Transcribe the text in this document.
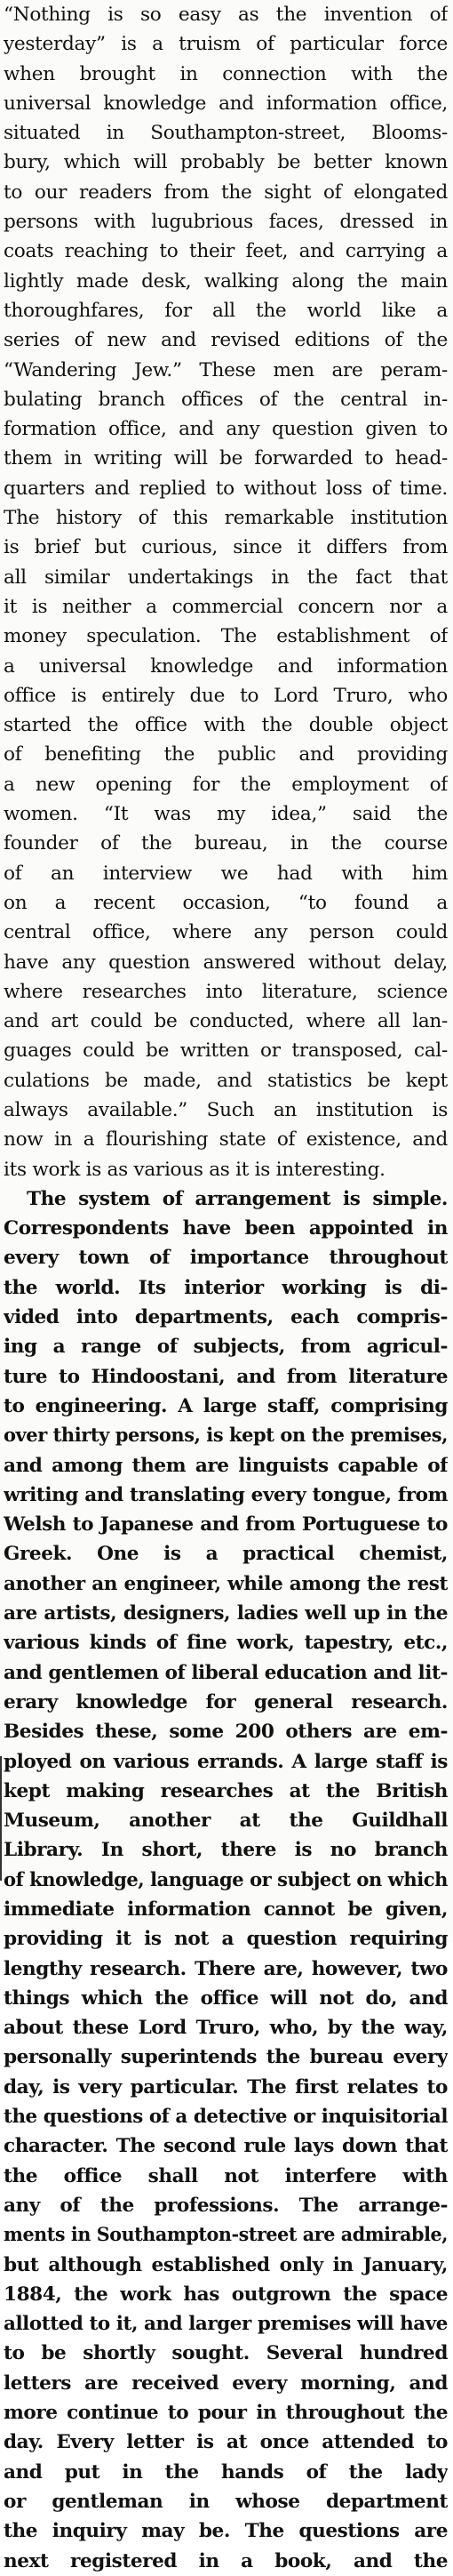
“Nothing is so easy as the invention of
yesterday” is a truism of particular force
when brought in connection with the
universal knowledge and information office,
situated in Southampton-street, Blooms-
bury, which will probably be better known
to our readers from the sight of elongated
persons with lugubrious faces, dressed in
coats reaching to their feet, and carrying a
lightly made desk, walking along the main
thoroughfares, for all the world like a
series of new and revised editions of the
“Wandering Jew.” These men are peram-
bulating branch offices of the central in-
formation office, and any question given to
them in writing will be forwarded to head-
quarters and replied to without loss of time.
The history of this remarkable institution
is brief but curious, since it differs from
all similar undertakings in the fact that
it is neither a commercial concern nor a
money speculation. The establishment of
a universal knowledge and information
office is entirely due to Lord Truro, who
started the office with the double object
of benefiting the public and providing
a new opening for the employment of
women. “It was my idea,” said the
founder of the bureau, in the course
of an interview we had with him
on a recent occasion, “to found a
central office, where any person could
have any question answered without delay,
where researches into literature, science
and art could be conducted, where all lan-
guages could be written or transposed, cal-
culations be made, and statistics be kept
always available.” Such an institution is
now in a flourishing state of existence, and
its work is as various as it is interesting.
The system of arrangement is simple.
Correspondents have been appointed in
every town of importance throughout
the world. Its interior working is di-
vided into departments, each compris-
ing a range of subjects, from agricul-
ture to Hindoostani, and from literature
to engineering. A large staff, comprising
over thirty persons, is kept on the premises,
and among them are linguists capable of
writing and translating every tongue, from
Welsh to Japanese and from Portuguese to
Greek. One is a practical chemist,
another an engineer, while among the rest
are artists, designers, ladies well up in the
various kinds of fine work, tapestry, etc.,
and gentlemen of liberal education and lit-
erary knowledge for general research.
Besides these, some 200 others are em-
ployed on various errands. A large staff is
kept making researches at the British
Museum, another at the Guildhall
Library. In short, there is no branch
of knowledge, language or subject on which
immediate information cannot be given,
providing it is not a question requiring
lengthy research. There are, however, two
things which the office will not do, and
about these Lord Truro, who, by the way,
personally superintends the bureau every
day, is very particular. The first relates to
the questions of a detective or inquisitorial
character. The second rule lays down that
the office shall not interfere with
any of the professions. The arrange-
ments in Southampton-street are admirable,
but although established only in January,
1884, the work has outgrown the space
allotted to it, and larger premises will have
to be shortly sought. Several hundred
letters are received every morning, and
more continue to pour in throughout the
day. Every letter is at once attended to
and put in the hands of the lady
or gentleman in whose department
the inquiry may be. The questions are
next registered in a book, and the
